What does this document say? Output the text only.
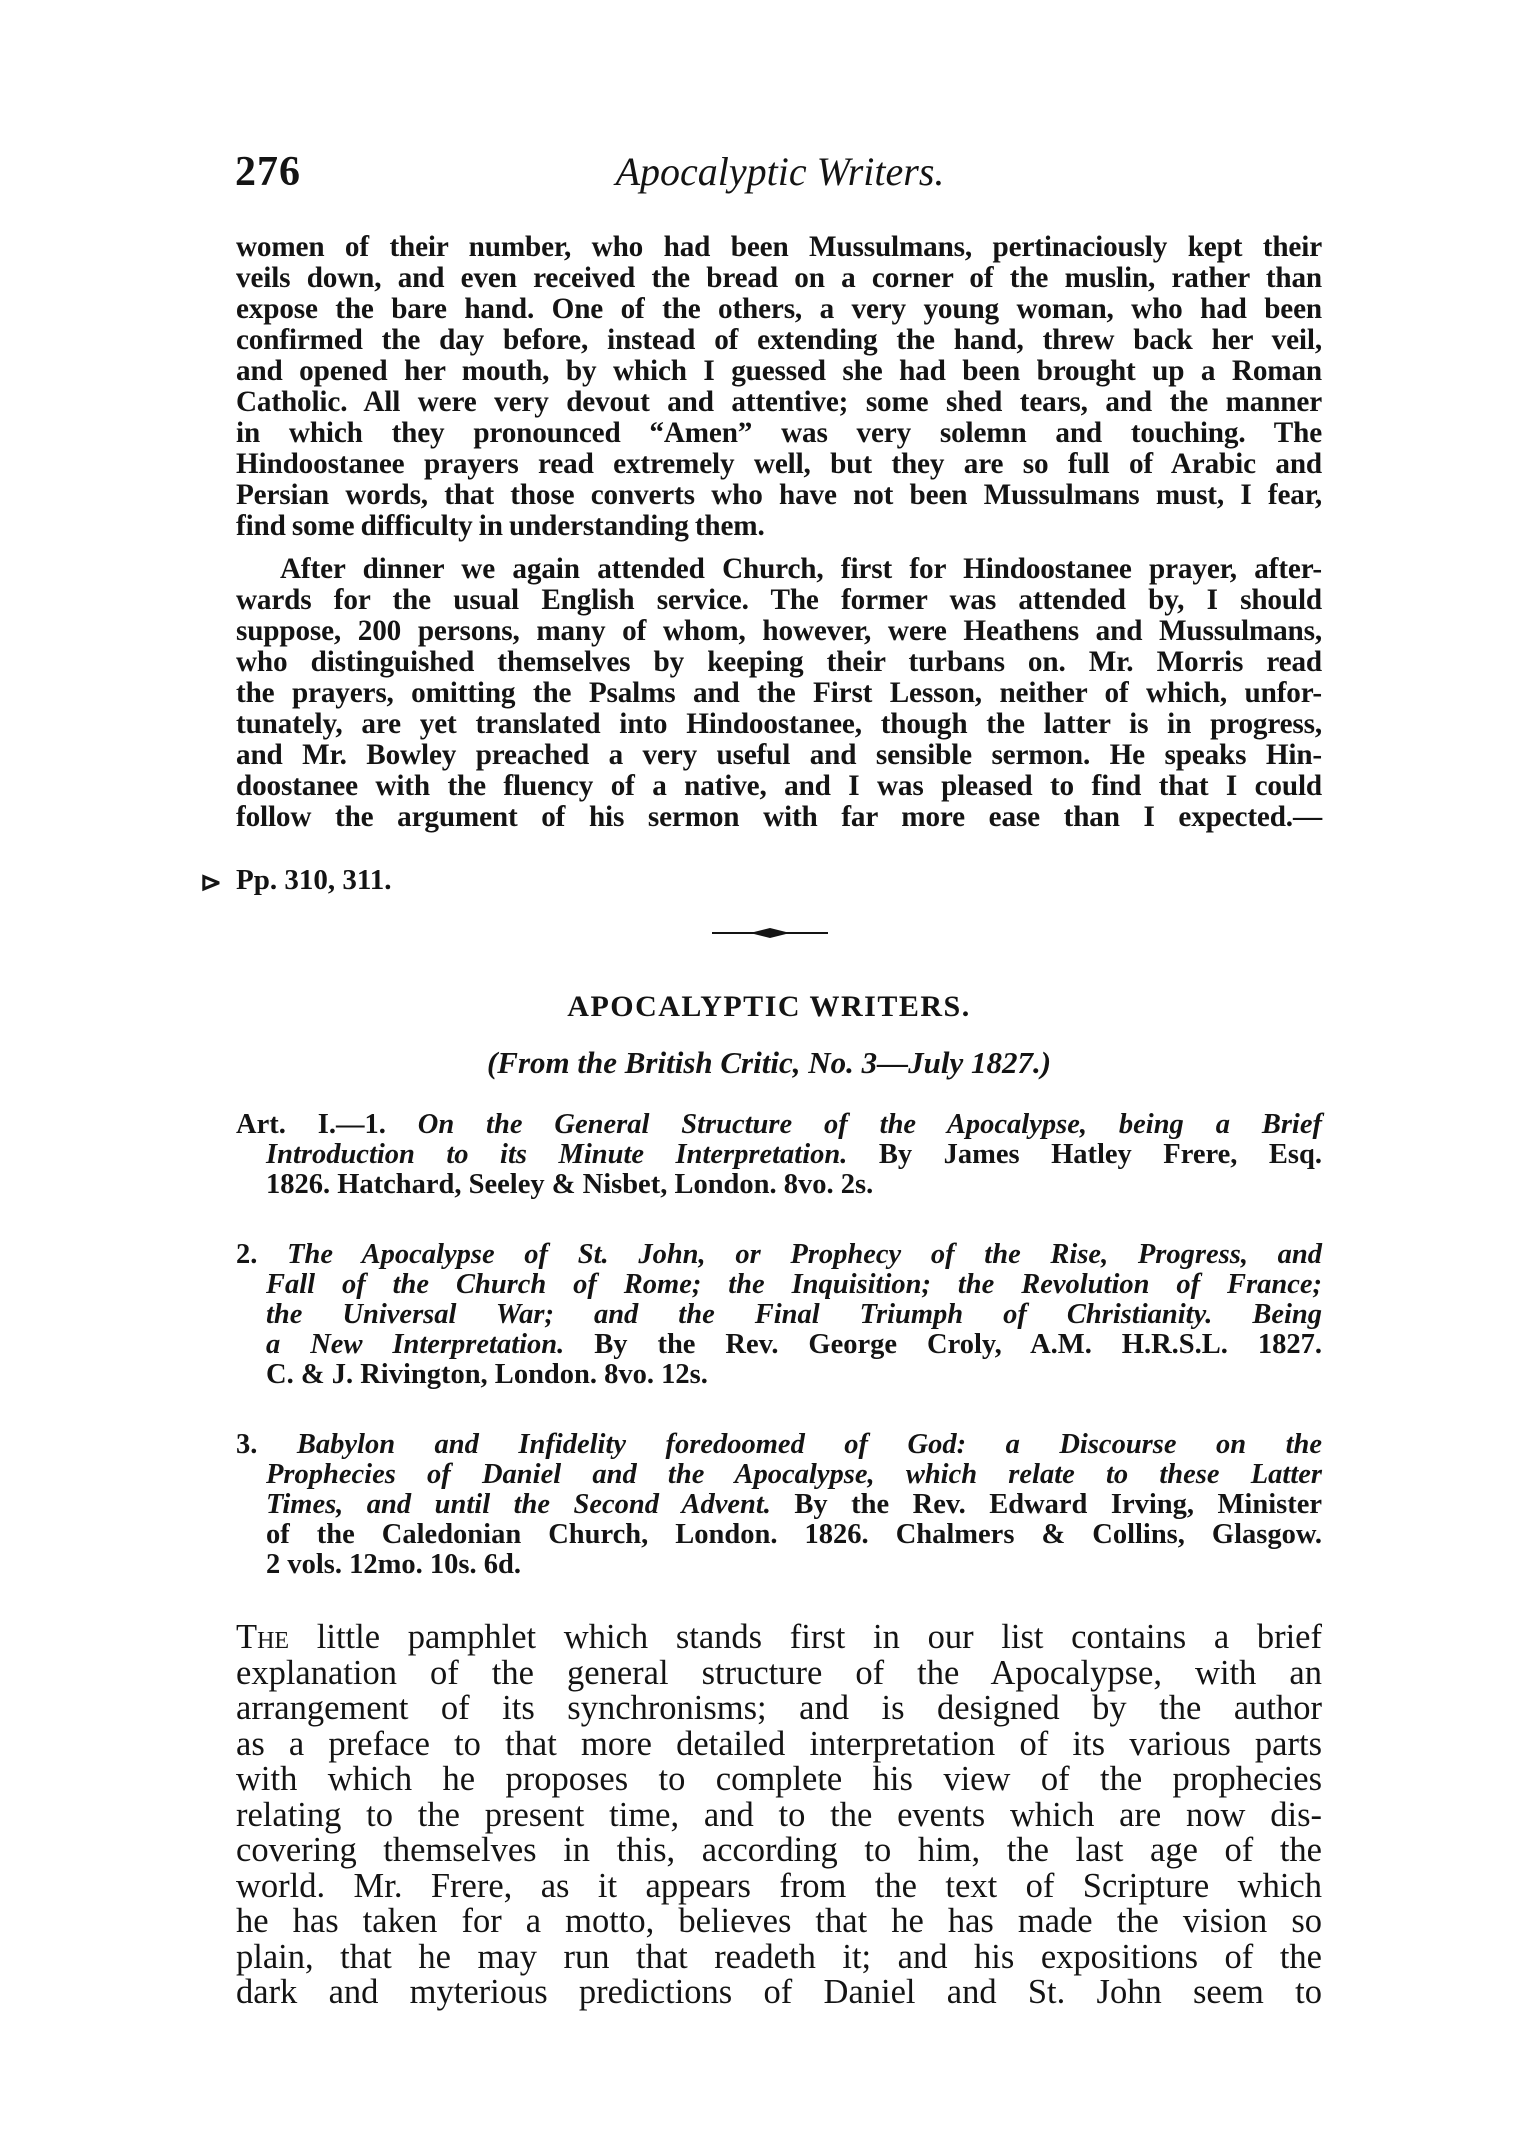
276	Apocalyptic Writers.
women of their number, who had been Mussulmans, pertinaciously kept their
veils down, and even received the bread on a corner of the muslin, rather than
expose the bare hand. One of the others, a very young woman, who had been
confirmed the day before, instead of extending the hand, threw back her veil,
and opened her mouth, by which I guessed she had been brought up a Roman
Catholic. All were very devout and attentive; some shed tears, and the manner
in which they pronounced “Amen” was very solemn and touching. The
Hindoostanee prayers read extremely well, but they are so full of Arabic and
Persian words, that those converts who have not been Mussulmans must, I fear,
find some difficulty in understanding them.
After dinner we again attended Church, first for Hindoostanee prayer, after-
wards for the usual English service. The former was attended by, I should
suppose, 200 persons, many of whom, however, were Heathens and Mussulmans,
who distinguished themselves by keeping their turbans on. Mr. Morris read
the prayers, omitting the Psalms and the First Lesson, neither of which, unfor-
tunately, are yet translated into Hindoostanee, though the latter is in progress,
and Mr. Bowley preached a very useful and sensible sermon. He speaks Hin-
doostanee with the fluency of a native, and I was pleased to find that I could
follow the argument of his sermon with far more ease than I expected.—
⊳ Pp. 310, 311.
APOCALYPTIC WRITERS.
(From the British Critic, No. 3—July 1827.)
Art. I.—1. On the General Structure of the Apocalypse, being a Brief
Introduction to its Minute Interpretation. By James Hatley Frere, Esq.
1826. Hatchard, Seeley & Nisbet, London. 8vo. 2s.
2. The Apocalypse of St. John, or Prophecy of the Rise, Progress, and
Fall of the Church of Rome; the Inquisition; the Revolution of France;
the Universal War; and the Final Triumph of Christianity. Being
a New Interpretation. By the Rev. George Croly, A.M. H.R.S.L. 1827.
C. & J. Rivington, London. 8vo. 12s.
3. Babylon and Infidelity foredoomed of God: a Discourse on the
Prophecies of Daniel and the Apocalypse, which relate to these Latter
Times, and until the Second Advent. By the Rev. Edward Irving, Minister
of the Caledonian Church, London. 1826. Chalmers & Collins, Glasgow.
2 vols. 12mo. 10s. 6d.
The little pamphlet which stands first in our list contains a brief
explanation of the general structure of the Apocalypse, with an
arrangement of its synchronisms; and is designed by the author
as a preface to that more detailed interpretation of its various parts
with which he proposes to complete his view of the prophecies
relating to the present time, and to the events which are now dis-
covering themselves in this, according to him, the last age of the
world. Mr. Frere, as it appears from the text of Scripture which
he has taken for a motto, believes that he has made the vision so
plain, that he may run that readeth it; and his expositions of the
dark and myterious predictions of Daniel and St. John seem to
